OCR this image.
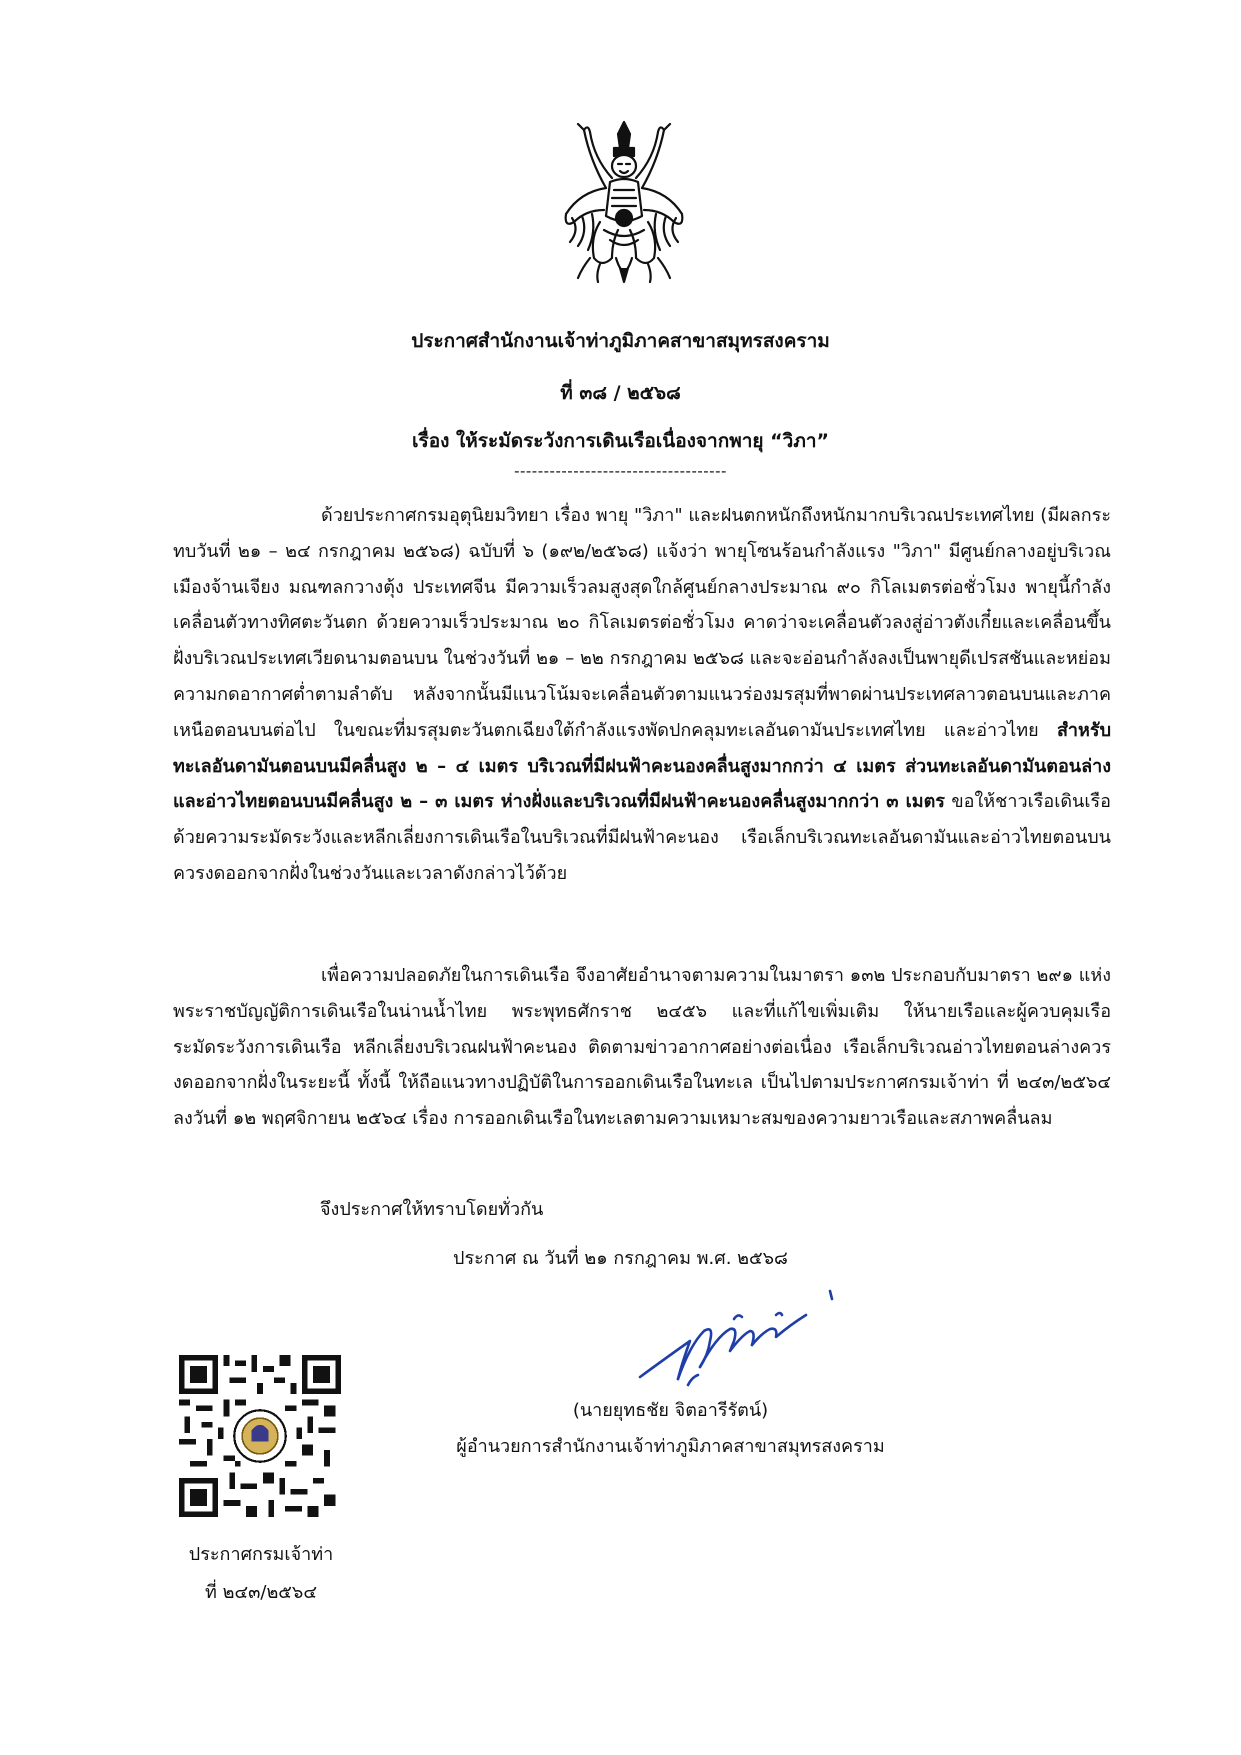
ประกาศสำนักงานเจ้าท่าภูมิภาคสาขาสมุทรสงคราม
ที่ ๓๘ / ๒๕๖๘
เรื่อง ให้ระมัดระวังการเดินเรือเนื่องจากพายุ “วิภา”
------------------------------------
ด้วยประกาศกรมอุตุนิยมวิทยา เรื่อง พายุ "วิภา" และฝนตกหนักถึงหนักมากบริเวณประเทศไทย (มีผลกระทบวันที่ ๒๑ – ๒๔ กรกฎาคม ๒๕๖๘) ฉบับที่ ๖ (๑๙๒/๒๕๖๘) แจ้งว่า พายุโซนร้อนกำลังแรง "วิภา" มีศูนย์กลางอยู่บริเวณเมืองจ้านเจียง มณฑลกวางตุ้ง ประเทศจีน มีความเร็วลมสูงสุดใกล้ศูนย์กลางประมาณ ๙๐ กิโลเมตรต่อชั่วโมง พายุนี้กำลังเคลื่อนตัวทางทิศตะวันตก ด้วยความเร็วประมาณ ๒๐ กิโลเมตรต่อชั่วโมง คาดว่าจะเคลื่อนตัวลงสู่อ่าวตังเกี๋ยและเคลื่อนขึ้นฝั่งบริเวณประเทศเวียดนามตอนบน ในช่วงวันที่ ๒๑ – ๒๒ กรกฎาคม ๒๕๖๘ และจะอ่อนกำลังลงเป็นพายุดีเปรสชันและหย่อมความกดอากาศต่ำตามลำดับ หลังจากนั้นมีแนวโน้มจะเคลื่อนตัวตามแนวร่องมรสุมที่พาดผ่านประเทศลาวตอนบนและภาคเหนือตอนบนต่อไป ในขณะที่มรสุมตะวันตกเฉียงใต้กำลังแรงพัดปกคลุมทะเลอันดามันประเทศไทย และอ่าวไทย สำหรับทะเลอันดามันตอนบนมีคลื่นสูง ๒ – ๔ เมตร บริเวณที่มีฝนฟ้าคะนองคลื่นสูงมากกว่า ๔ เมตร ส่วนทะเลอันดามันตอนล่างและอ่าวไทยตอนบนมีคลื่นสูง ๒ – ๓ เมตร ห่างฝั่งและบริเวณที่มีฝนฟ้าคะนองคลื่นสูงมากกว่า ๓ เมตร ขอให้ชาวเรือเดินเรือด้วยความระมัดระวังและหลีกเลี่ยงการเดินเรือในบริเวณที่มีฝนฟ้าคะนอง เรือเล็กบริเวณทะเลอันดามันและอ่าวไทยตอนบน ควรงดออกจากฝั่งในช่วงวันและเวลาดังกล่าวไว้ด้วย
เพื่อความปลอดภัยในการเดินเรือ จึงอาศัยอำนาจตามความในมาตรา ๑๓๒ ประกอบกับมาตรา ๒๙๑ แห่งพระราชบัญญัติการเดินเรือในน่านน้ำไทย พระพุทธศักราช ๒๔๕๖ และที่แก้ไขเพิ่มเติม ให้นายเรือและผู้ควบคุมเรือระมัดระวังการเดินเรือ หลีกเลี่ยงบริเวณฝนฟ้าคะนอง ติดตามข่าวอากาศอย่างต่อเนื่อง เรือเล็กบริเวณอ่าวไทยตอนล่างควรงดออกจากฝั่งในระยะนี้ ทั้งนี้ ให้ถือแนวทางปฏิบัติในการออกเดินเรือในทะเล เป็นไปตามประกาศกรมเจ้าท่า ที่ ๒๔๓/๒๕๖๔ ลงวันที่ ๑๒ พฤศจิกายน ๒๕๖๔ เรื่อง การออกเดินเรือในทะเลตามความเหมาะสมของความยาวเรือและสภาพคลื่นลม
จึงประกาศให้ทราบโดยทั่วกัน
ประกาศ ณ วันที่ ๒๑ กรกฎาคม พ.ศ. ๒๕๖๘
(นายยุทธชัย จิตอารีรัตน์)
ผู้อำนวยการสำนักงานเจ้าท่าภูมิภาคสาขาสมุทรสงคราม
ประกาศกรมเจ้าท่า
ที่ ๒๔๓/๒๕๖๔
